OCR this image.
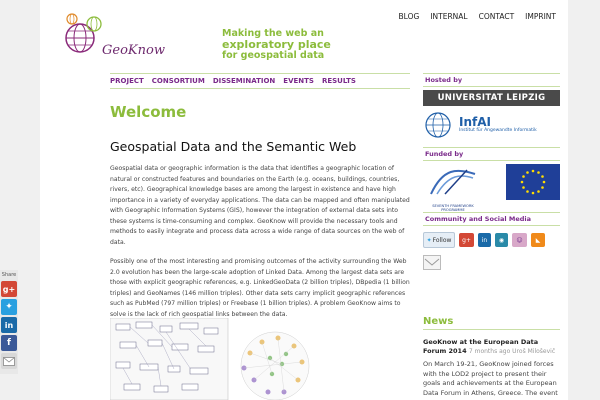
GeoKnow
Making the web an
exploratory place
for geospatial data
BLOG INTERNAL CONTACT IMPRINT
PROJECT CONSORTIUM DISSEMINATION EVENTS RESULTS
Welcome
Geospatial Data and the Semantic Web

Geospatial data or geographic information is the data that identifies a geographic location of natural or constructed features and boundaries on the Earth (e.g. oceans, buildings, countries, rivers, etc). Geographical knowledge bases are among the largest in existence and have high importance in a variety of everyday applications. The data can be mapped and often manipulated with Geographic Information Systems (GIS), however the integration of external data sets into these systems is time-consuming and complex. GeoKnow will provide the necessary tools and methods to easily integrate and process data across a wide range of data sources on the web of data.

Possibly one of the most interesting and promising outcomes of the activity surrounding the Web 2.0 evolution has been the large-scale adoption of Linked Data. Among the largest data sets are those with explicit geographic references, e.g. LinkedGeoData (2 billion triples), DBpedia (1 billion triples) and GeoNames (146 million triples). Other data sets carry implicit geographic references such as PubMed (797 million triples) or Freebase (1 billion triples). A problem GeoKnow aims to solve is the lack of rich geospatial links between the data.

Hosted by
UNIVERSITAT LEIPZIG
InfAI
Institut für Angewandte Informatik
Funded by
SEVENTH FRAMEWORK PROGRAMME
Community and Social Media
✦ Follow g+ in ◉ ☺ ◣
News
GeoKnow at the European Data Forum 2014 7 months ago Uroš Miloševič
On March 19-21, GeoKnow joined forces with the LOD2 project to present their goals and achievements at the European Data Forum in Athens, Greece. The event
Share
g+
✦
in
f
